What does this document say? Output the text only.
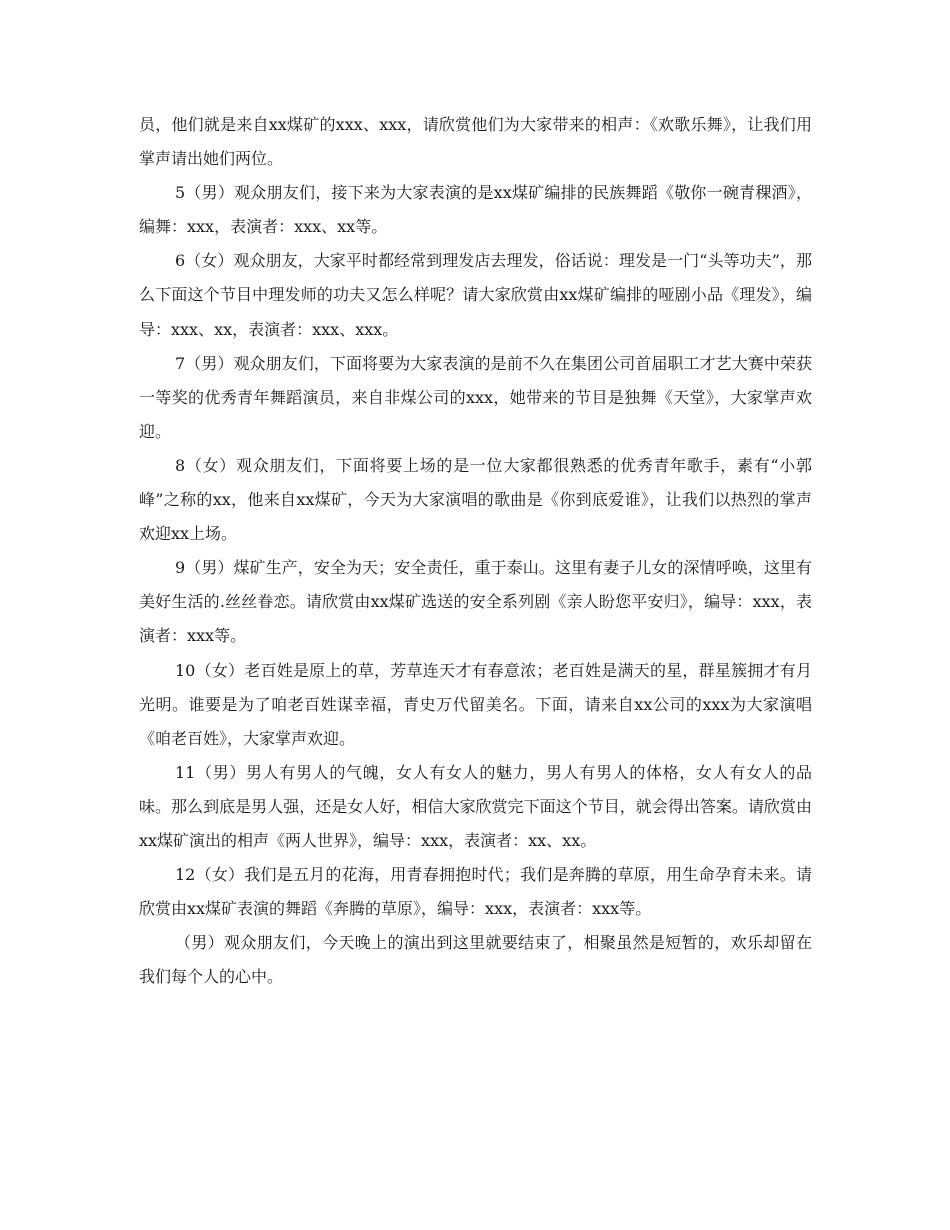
员，他们就是来自xx煤矿的xxx、xxx，请欣赏他们为大家带来的相声：《欢歌乐舞》，让我们用掌声请出她们两位。

5（男）观众朋友们，接下来为大家表演的是xx煤矿编排的民族舞蹈《敬你一碗青稞酒》，编舞：xxx，表演者：xxx、xx等。

6（女）观众朋友，大家平时都经常到理发店去理发，俗话说：理发是一门“头等功夫”，那么下面这个节目中理发师的功夫又怎么样呢？请大家欣赏由xx煤矿编排的哑剧小品《理发》，编导：xxx、xx，表演者：xxx、xxx。

7（男）观众朋友们，下面将要为大家表演的是前不久在集团公司首届职工才艺大赛中荣获一等奖的优秀青年舞蹈演员，来自非煤公司的xxx，她带来的节目是独舞《天堂》，大家掌声欢迎。

8（女）观众朋友们，下面将要上场的是一位大家都很熟悉的优秀青年歌手，素有“小郭峰”之称的xx，他来自xx煤矿，今天为大家演唱的歌曲是《你到底爱谁》，让我们以热烈的掌声欢迎xx上场。

9（男）煤矿生产，安全为天；安全责任，重于泰山。这里有妻子儿女的深情呼唤，这里有美好生活的.丝丝眷恋。请欣赏由xx煤矿选送的安全系列剧《亲人盼您平安归》，编导：xxx，表演者：xxx等。

10（女）老百姓是原上的草，芳草连天才有春意浓；老百姓是满天的星，群星簇拥才有月光明。谁要是为了咱老百姓谋幸福，青史万代留美名。下面，请来自xx公司的xxx为大家演唱《咱老百姓》，大家掌声欢迎。

11（男）男人有男人的气魄，女人有女人的魅力，男人有男人的体格，女人有女人的品味。那么到底是男人强，还是女人好，相信大家欣赏完下面这个节目，就会得出答案。请欣赏由xx煤矿演出的相声《两人世界》，编导：xxx，表演者：xx、xx。

12（女）我们是五月的花海，用青春拥抱时代；我们是奔腾的草原，用生命孕育未来。请欣赏由xx煤矿表演的舞蹈《奔腾的草原》，编导：xxx，表演者：xxx等。

（男）观众朋友们，今天晚上的演出到这里就要结束了，相聚虽然是短暂的，欢乐却留在我们每个人的心中。
